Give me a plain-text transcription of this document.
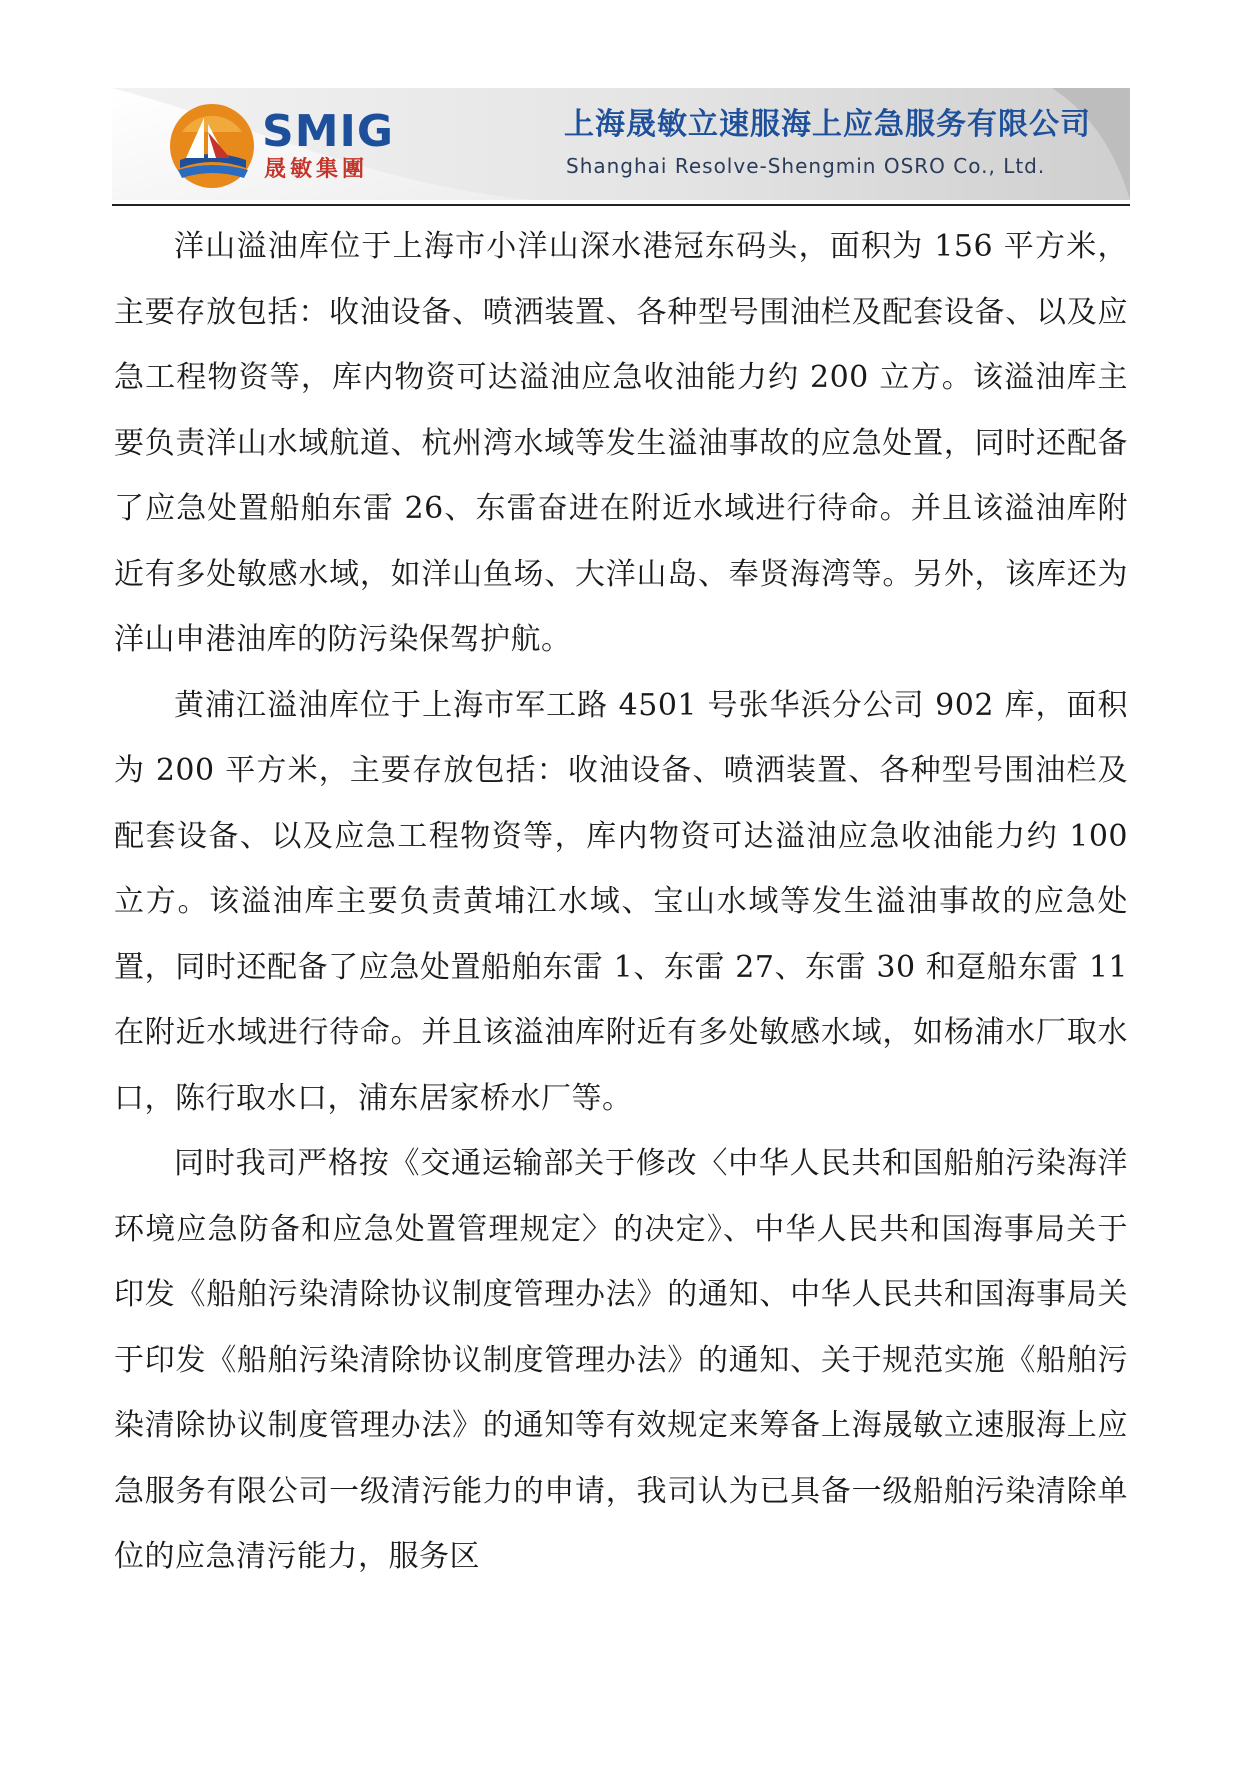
SMIG
晟敏集團
上海晟敏立速服海上应急服务有限公司
Shanghai Resolve-Shengmin OSRO Co., Ltd.

洋山溢油库位于上海市小洋山深水港冠东码头，面积为 156 平方米，主要存放包括：收油设备、喷洒装置、各种型号围油栏及配套设备、以及应急工程物资等，库内物资可达溢油应急收油能力约 200 立方。该溢油库主要负责洋山水域航道、杭州湾水域等发生溢油事故的应急处置，同时还配备了应急处置船舶东雷 26、东雷奋进在附近水域进行待命。并且该溢油库附近有多处敏感水域，如洋山鱼场、大洋山岛、奉贤海湾等。另外，该库还为洋山申港油库的防污染保驾护航。

黄浦江溢油库位于上海市军工路 4501 号张华浜分公司 902 库，面积为 200 平方米，主要存放包括：收油设备、喷洒装置、各种型号围油栏及配套设备、以及应急工程物资等，库内物资可达溢油应急收油能力约 100 立方。该溢油库主要负责黄埔江水域、宝山水域等发生溢油事故的应急处置，同时还配备了应急处置船舶东雷 1、东雷 27、东雷 30 和趸船东雷 11 在附近水域进行待命。并且该溢油库附近有多处敏感水域，如杨浦水厂取水口，陈行取水口，浦东居家桥水厂等。

同时我司严格按《交通运输部关于修改〈中华人民共和国船舶污染海洋环境应急防备和应急处置管理规定〉的决定》、中华人民共和国海事局关于印发《船舶污染清除协议制度管理办法》的通知、中华人民共和国海事局关于印发《船舶污染清除协议制度管理办法》的通知、关于规范实施《船舶污染清除协议制度管理办法》的通知等有效规定来筹备上海晟敏立速服海上应急服务有限公司一级清污能力的申请，我司认为已具备一级船舶污染清除单位的应急清污能力，服务区
